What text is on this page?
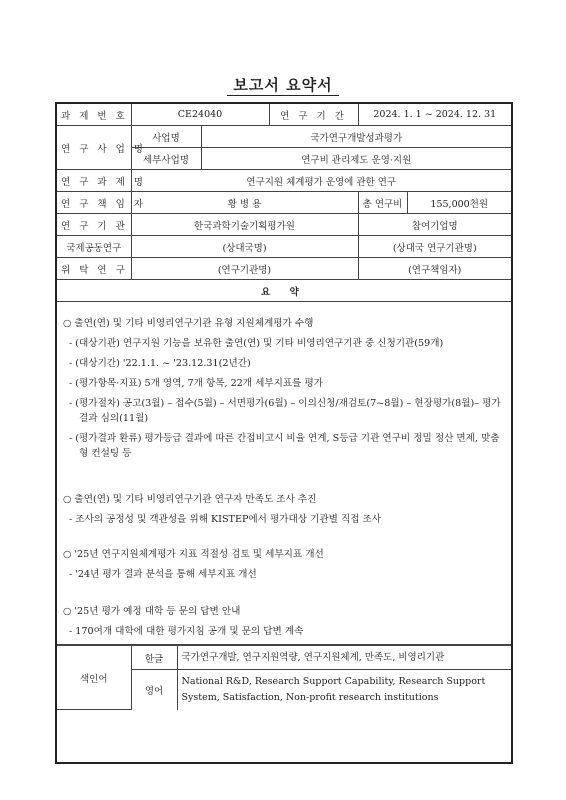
보고서 요약서
과 제 번 호	CE24040		연 구 기 간	2024. 1. 1 ~ 2024. 12. 31	
연 구 사 업 명	사업명	국가연구개발성과평가			
	세부사업명	연구비 관리제도 운영·지원			
연 구 과 제 명	연구지원 체계평가 운영에 관한 연구				
연 구 책 임 자	황 병 용			총 연구비	155,000천원
연 구 기 관	한국과학기술기획평가원			참여기업명	
국제공동연구	(상대국명)			(상대국 연구기관명)	
위 탁 연 구	(연구기관명)			(연구책임자)	
요 약					

○ 출연(연) 및 기타 비영리연구기관 유형 지원체계평가 수행

- (대상기관) 연구지원 기능을 보유한 출연(연) 및 기타 비영리연구기관 중 신청기관(59개)

- (대상기간) '22.1.1. ~ '23.12.31(2년간)

- (평가항목·지표) 5개 영역, 7개 항목, 22개 세부지표를 평가

- (평가절차) 공고(3월) – 접수(5월) – 서면평가(6월) – 이의신청/재검토(7~8월) – 현장평가(8월)– 평가결과 심의(11월)

- (평가결과 환류) 평가등급 결과에 따른 간접비고시 비율 연계, S등급 기관 연구비 정밀 정산 면제, 맞춤형 컨설팅 등

○ 출연(연) 및 기타 비영리연구기관 연구자 만족도 조사 추진

- 조사의 공정성 및 객관성을 위해 KISTEP에서 평가대상 기관별 직접 조사

○ '25년 연구지원체계평가 지표 적절성 검토 및 세부지표 개선

- '24년 평가 결과 분석을 통해 세부지표 개선

○ '25년 평가 예정 대학 등 문의 답변 안내

- 170여개 대학에 대한 평가지침 공개 및 문의 답변 계속

색인어	한글	국가연구개발, 연구지원역량, 연구지원체계, 만족도, 비영리기관
	영어	National R&D, Research Support Capability, Research Support System, Satisfaction, Non-profit research institutions
